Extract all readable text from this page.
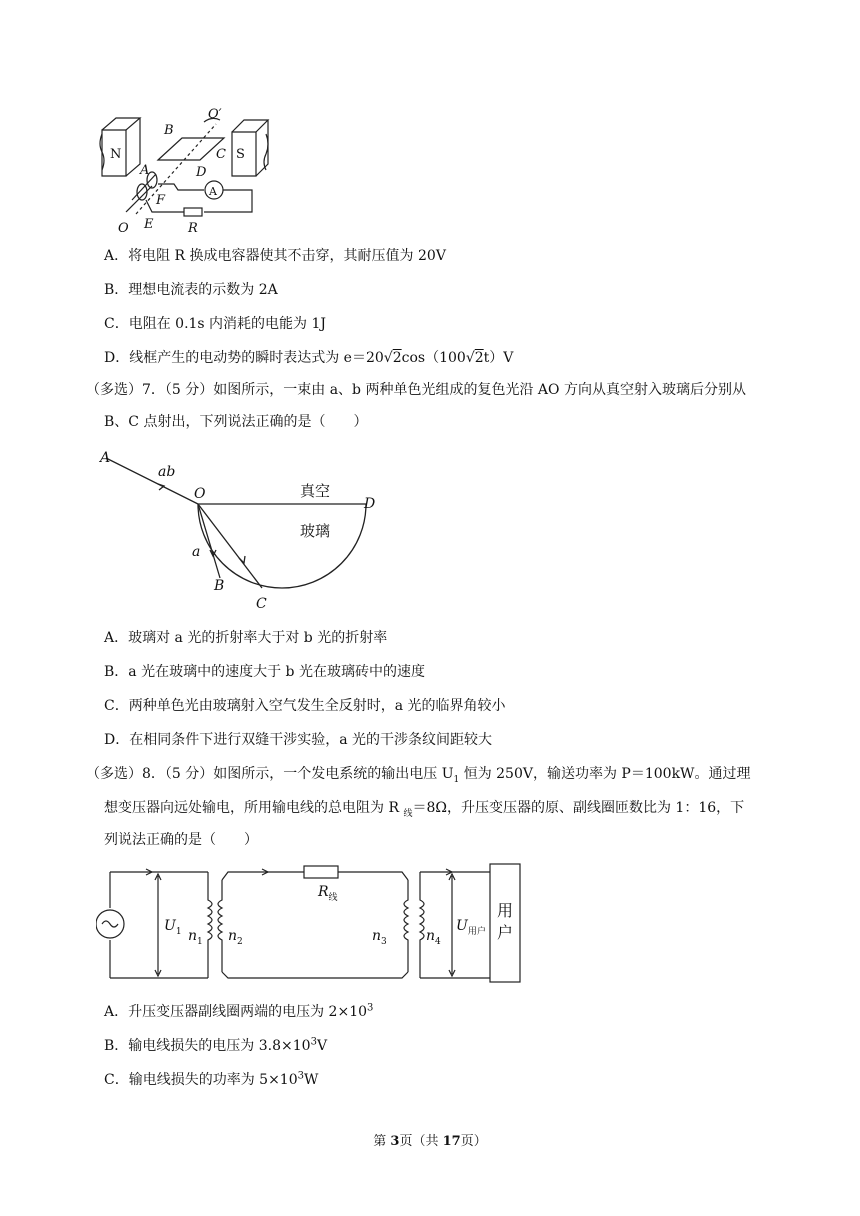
N	S
B
A
C
D
F
E
O
O′
R
A
A．将电阻 R 换成电容器使其不击穿，其耐压值为 20V
B．理想电流表的示数为 2A
C．电阻在 0.1s 内消耗的电能为 1J
D．线框产生的电动势的瞬时表达式为 e＝20√2cos（100√2t）V
（多选）7．（5 分）如图所示，一束由 a、b 两种单色光组成的复色光沿 AO 方向从真空射入玻璃后分别从
B、C 点射出，下列说法正确的是（　　）
A
ab
O
D
a
B
C
真空
玻璃
A．玻璃对 a 光的折射率大于对 b 光的折射率
B．a 光在玻璃中的速度大于 b 光在玻璃砖中的速度
C．两种单色光由玻璃射入空气发生全反射时，a 光的临界角较小
D．在相同条件下进行双缝干涉实验，a 光的干涉条纹间距较大
（多选）8．（5 分）如图所示，一个发电系统的输出电压 $U_1$ 恒为 250V，输送功率为 P＝100kW。通过理
想变压器向远处输电，所用输电线的总电阻为 R $_线$＝8Ω，升压变压器的原、副线圈匝数比为 1：16，下
列说法正确的是（　　）
$U_1$ $n_1$ $n_2$
$R_线$
$n_3$	$n_4$
$U_{用户}$
用
户
A．升压变压器副线圈两端的电压为 $2\times 10^3$
B．输电线损失的电压为 $3.8\times 10^3V$
C．输电线损失的功率为 $5\times 10^3W$
第 3页（共 17页）
